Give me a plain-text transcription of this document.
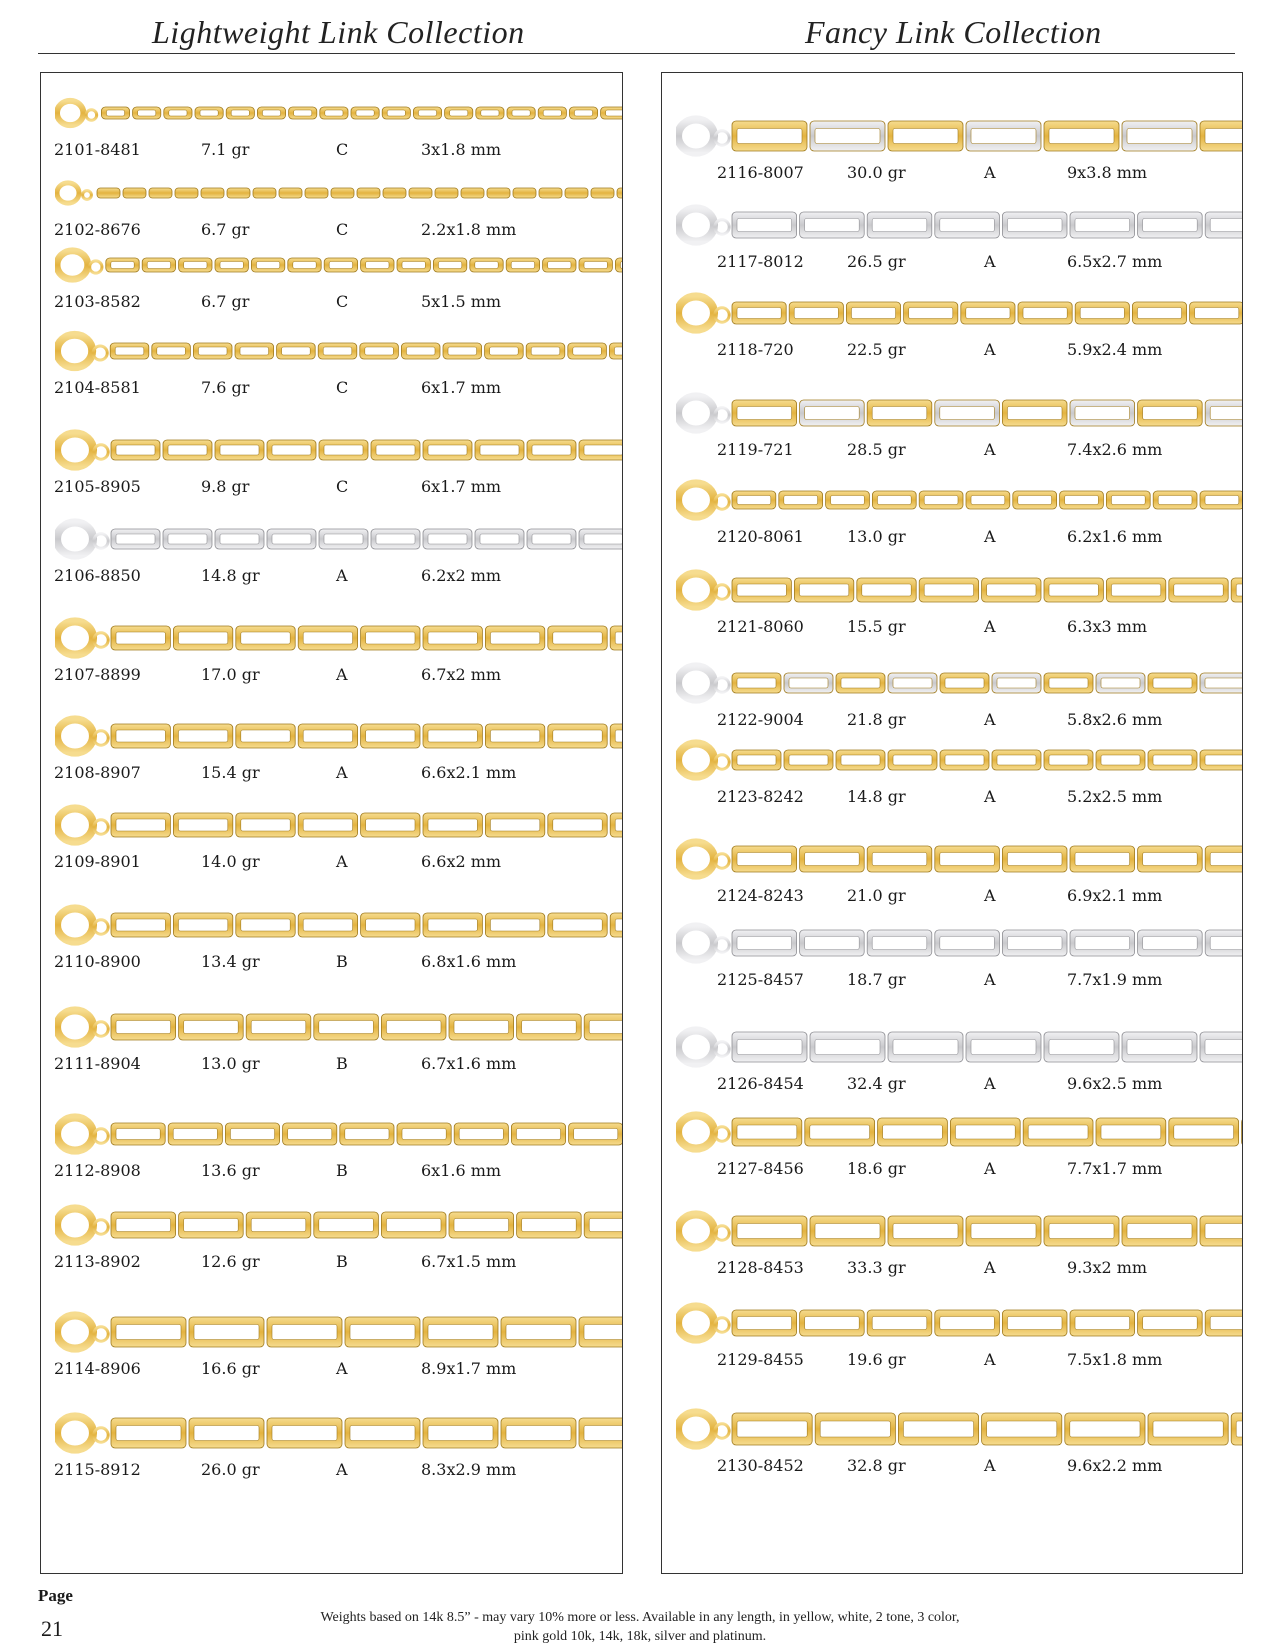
Lightweight Link Collection	Fancy Link Collection
2101-8481	7.1 gr	C	3x1.8 mm
2102-8676	6.7 gr	C	2.2x1.8 mm
2103-8582	6.7 gr	C	5x1.5 mm
2104-8581	7.6 gr	C	6x1.7 mm
2105-8905	9.8 gr	C	6x1.7 mm
2106-8850	14.8 gr	A	6.2x2 mm
2107-8899	17.0 gr	A	6.7x2 mm
2108-8907	15.4 gr	A	6.6x2.1 mm
2109-8901	14.0 gr	A	6.6x2 mm
2110-8900	13.4 gr	B	6.8x1.6 mm
2111-8904	13.0 gr	B	6.7x1.6 mm
2112-8908	13.6 gr	B	6x1.6 mm
2113-8902	12.6 gr	B	6.7x1.5 mm
2114-8906	16.6 gr	A	8.9x1.7 mm
2115-8912	26.0 gr	A	8.3x2.9 mm
2116-8007	30.0 gr	A	9x3.8 mm
2117-8012	26.5 gr	A	6.5x2.7 mm
2118-720	22.5 gr	A	5.9x2.4 mm
2119-721	28.5 gr	A	7.4x2.6 mm
2120-8061	13.0 gr	A	6.2x1.6 mm
2121-8060	15.5 gr	A	6.3x3 mm
2122-9004	21.8 gr	A	5.8x2.6 mm
2123-8242	14.8 gr	A	5.2x2.5 mm
2124-8243	21.0 gr	A	6.9x2.1 mm
2125-8457	18.7 gr	A	7.7x1.9 mm
2126-8454	32.4 gr	A	9.6x2.5 mm
2127-8456	18.6 gr	A	7.7x1.7 mm
2128-8453	33.3 gr	A	9.3x2 mm
2129-8455	19.6 gr	A	7.5x1.8 mm
2130-8452	32.8 gr	A	9.6x2.2 mm
Weights based on 14k 8.5” - may vary 10% more or less. Available in any length, in yellow, white, 2 tone, 3 color,
pink gold 10k, 14k, 18k, silver and platinum.
Page
21
